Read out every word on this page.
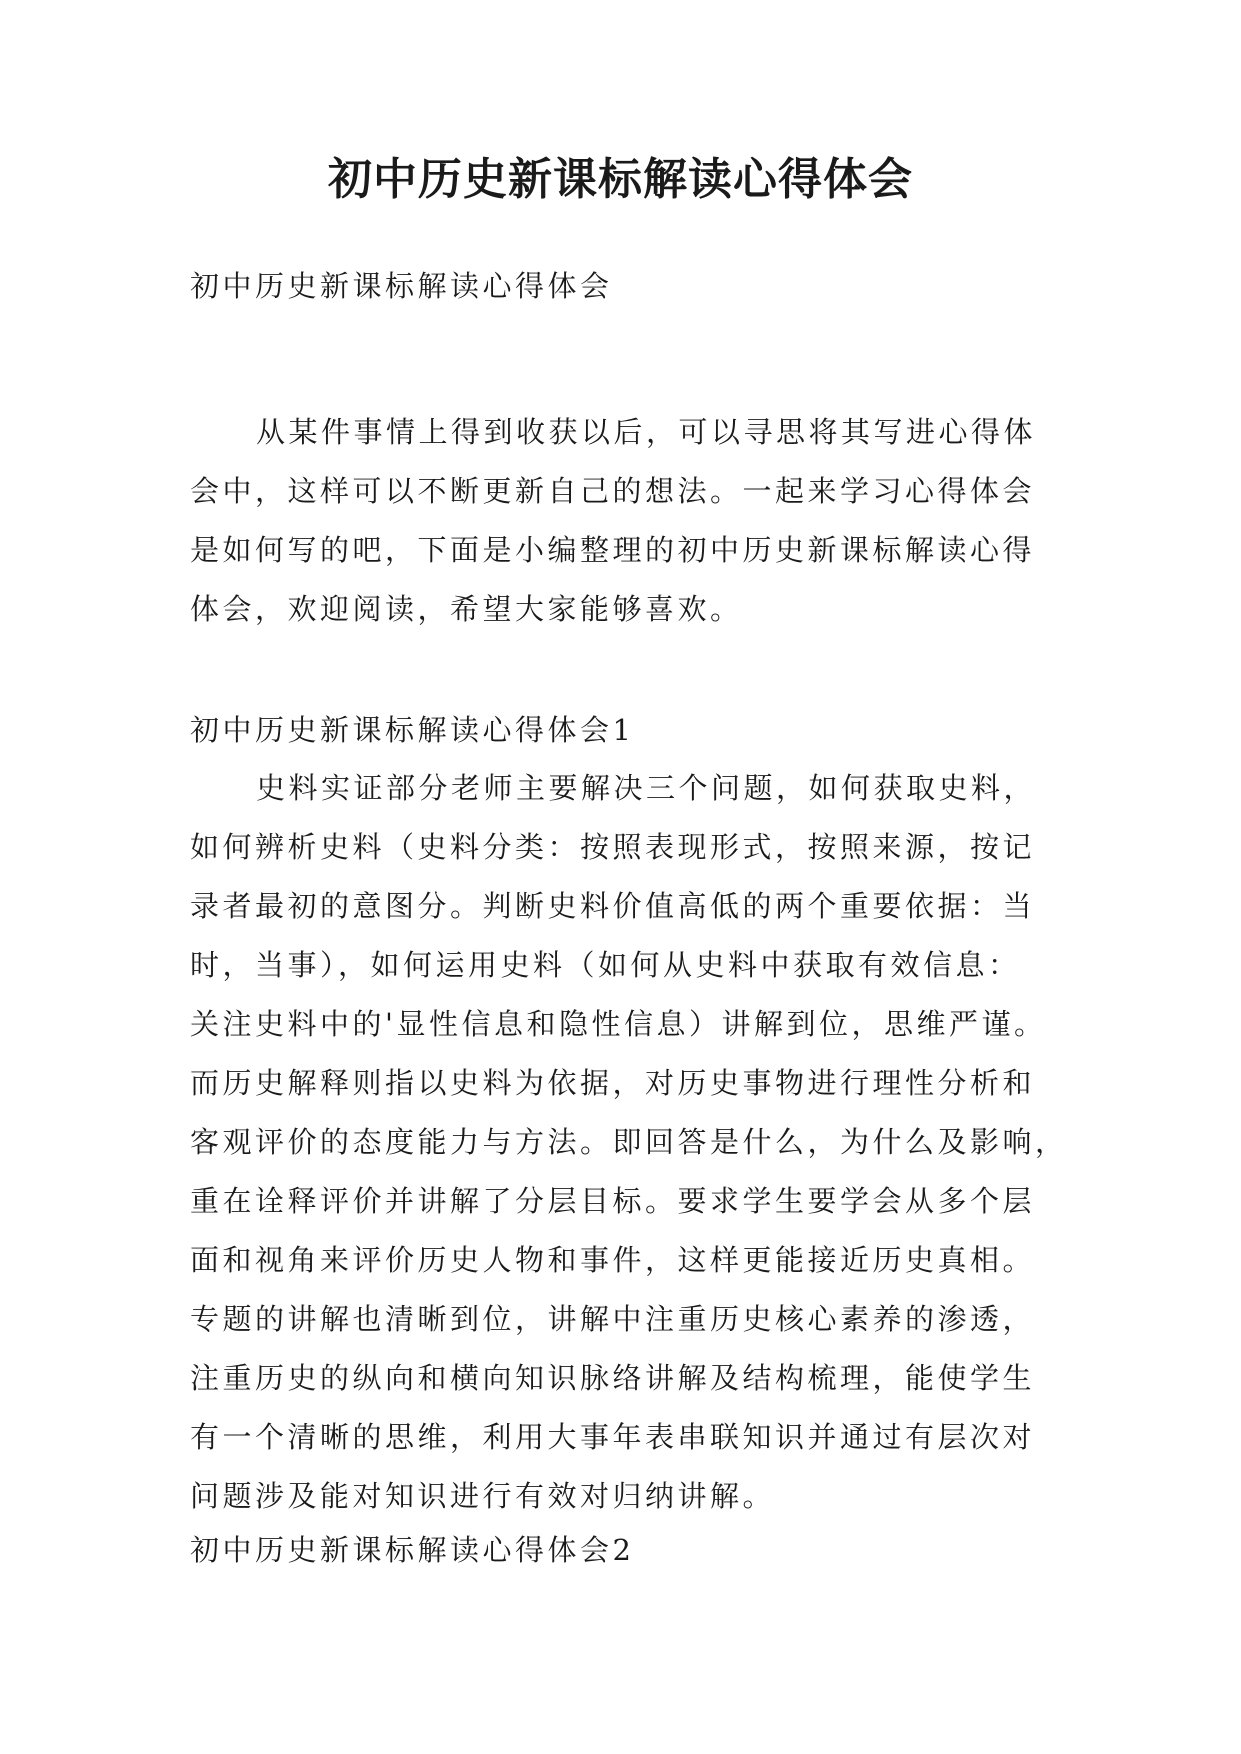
初中历史新课标解读心得体会

初中历史新课标解读心得体会

从某件事情上得到收获以后，可以寻思将其写进心得体
会中，这样可以不断更新自己的想法。一起来学习心得体会
是如何写的吧，下面是小编整理的初中历史新课标解读心得
体会，欢迎阅读，希望大家能够喜欢。

初中历史新课标解读心得体会1

史料实证部分老师主要解决三个问题，如何获取史料，
如何辨析史料（史料分类：按照表现形式，按照来源，按记
录者最初的意图分。判断史料价值高低的两个重要依据：当
时，当事），如何运用史料（如何从史料中获取有效信息：
关注史料中的'显性信息和隐性信息）讲解到位，思维严谨。
而历史解释则指以史料为依据，对历史事物进行理性分析和
客观评价的态度能力与方法。即回答是什么，为什么及影响，
重在诠释评价并讲解了分层目标。要求学生要学会从多个层
面和视角来评价历史人物和事件，这样更能接近历史真相。
专题的讲解也清晰到位，讲解中注重历史核心素养的渗透，
注重历史的纵向和横向知识脉络讲解及结构梳理，能使学生
有一个清晰的思维，利用大事年表串联知识并通过有层次对
问题涉及能对知识进行有效对归纳讲解。

初中历史新课标解读心得体会2
